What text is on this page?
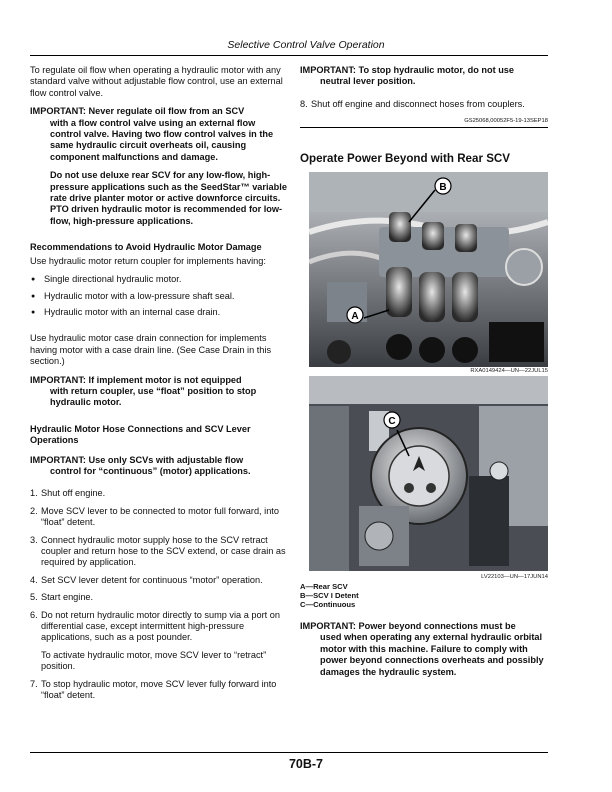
Selective Control Valve Operation

To regulate oil flow when operating a hydraulic motor with any standard valve without adjustable flow control, use an external flow control valve.

IMPORTANT: Never regulate oil flow from an SCV
with a flow control valve using an external flow control valve. Having two flow control valves in the same hydraulic circuit overheats oil, causing component malfunctions and damage.
Do not use deluxe rear SCV for any low-flow, high-pressure applications such as the SeedStar™ variable rate drive planter motor or active downforce circuits. PTO driven hydraulic motor is recommended for low-flow, high-pressure applications.
Recommendations to Avoid Hydraulic Motor Damage

Use hydraulic motor return coupler for implements having:

● Single directional hydraulic motor.
● Hydraulic motor with a low-pressure shaft seal.
● Hydraulic motor with an internal case drain.

Use hydraulic motor case drain connection for implements having motor with a case drain line. (See Case Drain in this section.)

IMPORTANT: If implement motor is not equipped
with return coupler, use “float” position to stop hydraulic motor.
Hydraulic Motor Hose Connections and SCV Lever Operations
IMPORTANT: Use only SCVs with adjustable flow
control for “continuous” (motor) applications.
1. Shut off engine.
2. Move SCV lever to be connected to motor full forward, into “float” detent.
3. Connect hydraulic motor supply hose to the SCV retract coupler and return hose to the SCV extend, or case drain as required by application.
4. Set SCV lever detent for continuous “motor” operation.
5. Start engine.
6. Do not return hydraulic motor directly to sump via a port on differential case, except intermittent high-pressure applications, such as a post pounder.
To activate hydraulic motor, move SCV lever to “retract” position.
7. To stop hydraulic motor, move SCV lever fully forward into “float” detent.
IMPORTANT: To stop hydraulic motor, do not use
neutral lever position.
8. Shut off engine and disconnect hoses from couplers.
GS25068,00052F5-19-13SEP18
Operate Power Beyond with Rear SCV
B
A
RXA0149424—UN—22JUL15
C
LV22103—UN—17JUN14
A—Rear SCV
B—SCV I Detent
C—Continuous
IMPORTANT: Power beyond connections must be
used when operating any external hydraulic orbital motor with this machine. Failure to comply with power beyond connections overheats and possibly damages the hydraulic system.
70B-7
